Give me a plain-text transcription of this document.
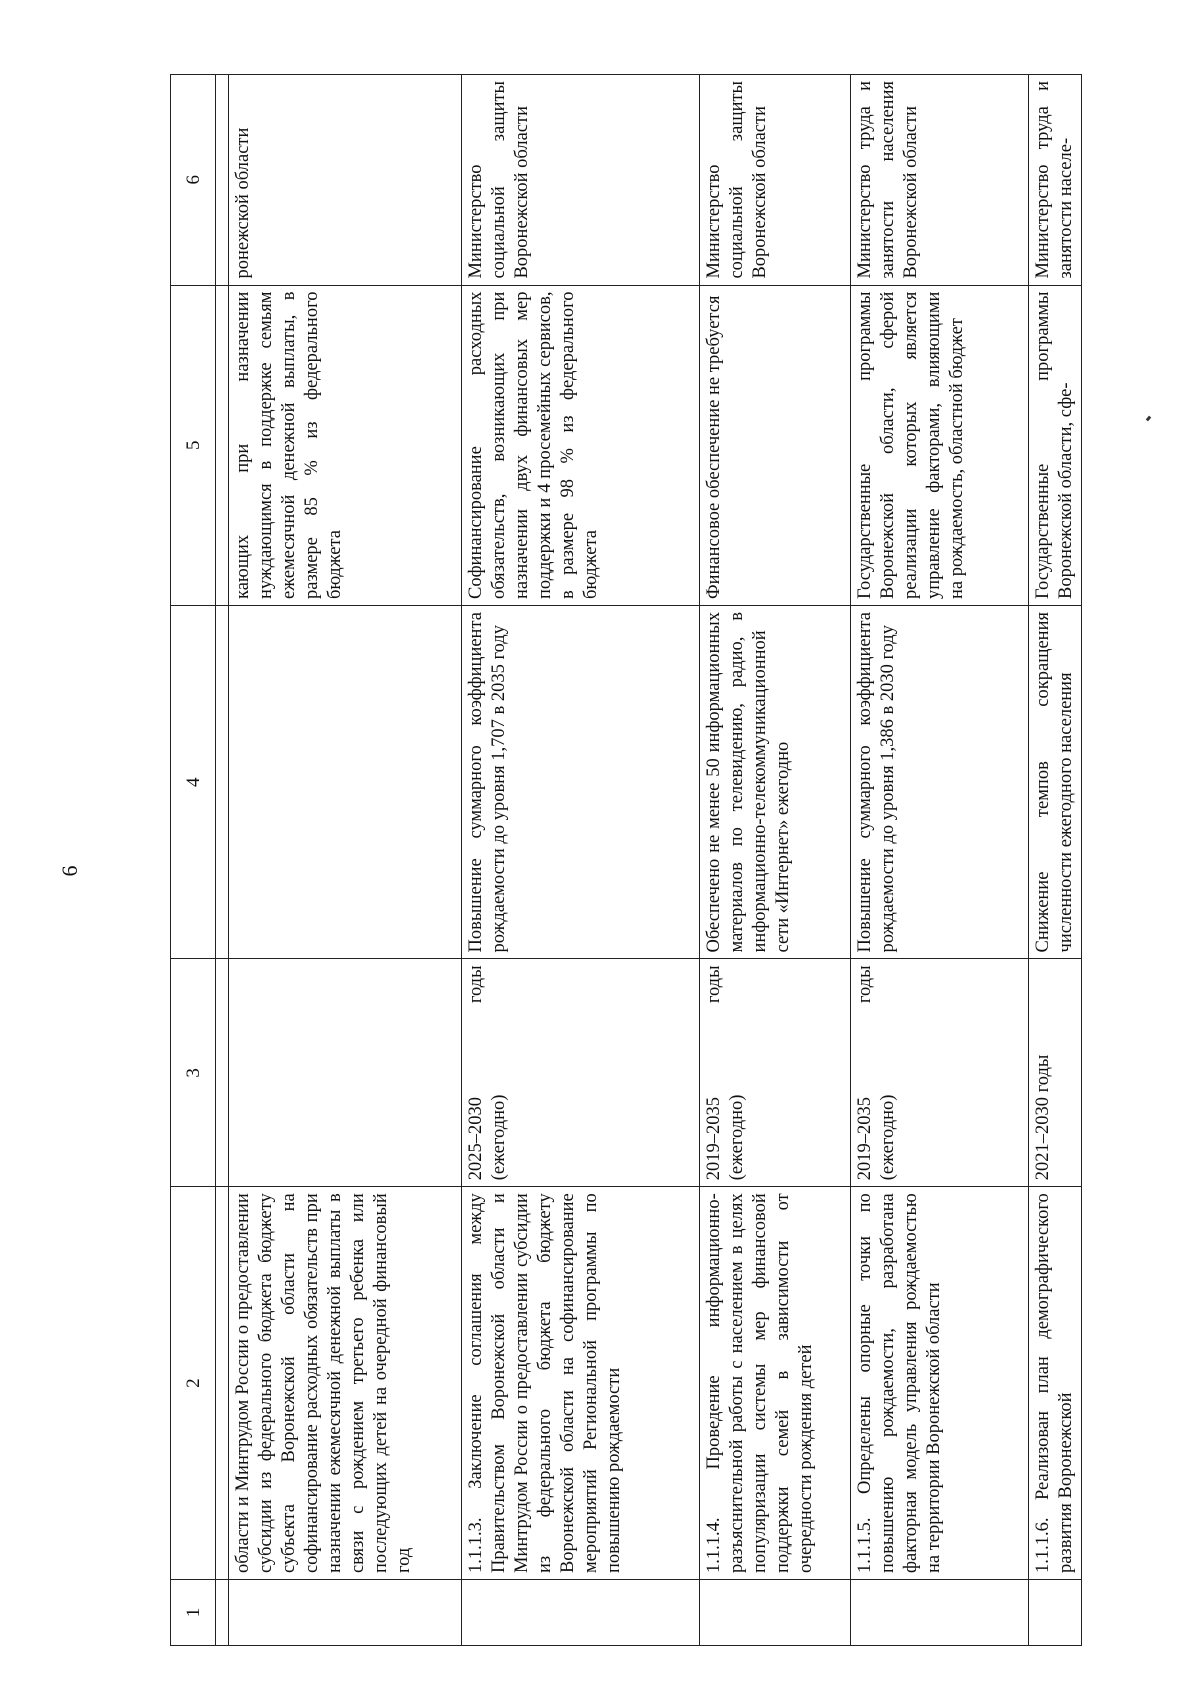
6
1	2	3	4	5	6

	области и Минтрудом России о предоставлении субсидии из федерального бюджета бюджету субъекта Воронежской области на софинансирование расходных обязательств при назначении ежемесячной денежной выплаты в связи с рождением третьего ребенка или последующих детей на очередной финансовый год			кающих при назначении нуждающимся в поддержке семьям ежемесячной денежной выплаты, в размере 85 % из федерального бюджета	ронежской области
	1.1.1.3. Заключение соглашения между Правительством Воронежской области и Минтрудом России о предоставлении субсидии из федерального бюджета бюджету Воронежской области на софинансирование мероприятий Региональной программы по повышению рождаемости	2025–2030 годы (ежегодно)	Повышение суммарного коэффициента рождаемости до уровня 1,707 в 2035 году	Софинансирование расходных обязательств, возникающих при назначении двух финансовых мер поддержки и 4 просемейных сервисов, в размере 98 % из федерального бюджета	Министерство социальной защиты Воронежской области
	1.1.1.4. Проведение информационно-разъяснительной работы с населением в целях популяризации системы мер финансовой поддержки семей в зависимости от очередности рождения детей	2019–2035 годы (ежегодно)	Обеспечено не менее 50 информационных материалов по телевидению, радио, в информационно-телекоммуникационной сети «Интернет» ежегодно	Финансовое обеспечение не требуется	Министерство социальной защиты Воронежской области
	1.1.1.5. Определены опорные точки по повышению рождаемости, разработана факторная модель управления рождаемостью на территории Воронежской области	2019–2035 годы (ежегодно)	Повышение суммарного коэффициента рождаемости до уровня 1,386 в 2030 году	Государственные программы Воронежской области, сферой реализации которых является управление факторами, влияющими на рождаемость, областной бюджет	Министерство труда и занятости населения Воронежской области
	1.1.1.6. Реализован план демографического развития Воронежской	2021–2030 годы	Снижение темпов сокращения численности ежегодного населения	Государственные программы Воронежской области, сфе-	Министерство труда и занятости населе-
